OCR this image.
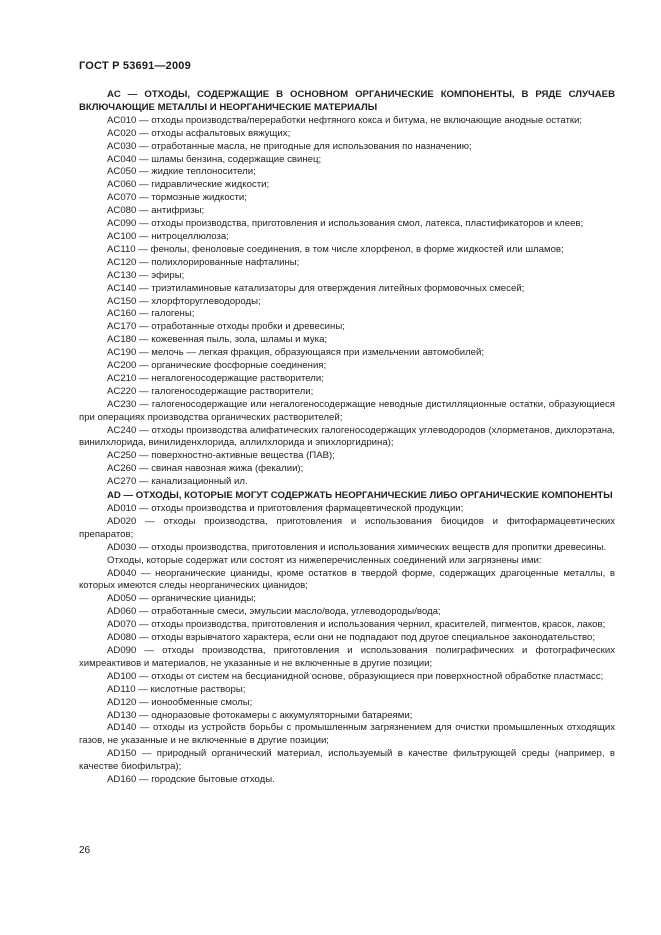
ГОСТ Р 53691—2009

AC — ОТХОДЫ, СОДЕРЖАЩИЕ В ОСНОВНОМ ОРГАНИЧЕСКИЕ КОМПОНЕНТЫ, В РЯДЕ СЛУЧАЕВ ВКЛЮЧАЮЩИЕ МЕТАЛЛЫ И НЕОРГАНИЧЕСКИЕ МАТЕРИАЛЫ

AC010 — отходы производства/переработки нефтяного кокса и битума, не включающие анодные остатки;

AC020 — отходы асфальтовых вяжущих;

AC030 — отработанные масла, не пригодные для использования по назначению;

AC040 — шламы бензина, содержащие свинец;

AC050 — жидкие теплоносители;

AC060 — гидравлические жидкости;

AC070 — тормозные жидкости;

AC080 — антифризы;

AC090 — отходы производства, приготовления и использования смол, латекса, пластификаторов и клеев;

AC100 — нитроцеллюлоза;

AC110 — фенолы, феноловые соединения, в том числе хлорфенол, в форме жидкостей или шламов;

AC120 — полихлорированные нафталины;

AC130 — эфиры;

AC140 — триэтиламиновые катализаторы для отверждения литейных формовочных смесей;

AC150 — хлорфторуглеводороды;

AC160 — галогены;

AC170 — отработанные отходы пробки и древесины;

AC180 — кожевенная пыль, зола, шламы и мука;

AC190 — мелочь — легкая фракция, образующаяся при измельчении автомобилей;

AC200 — органические фосфорные соединения;

AC210 — негалогеносодержащие растворители;

AC220 — галогеносодержащие растворители;

AC230 — галогеносодержащие или негалогеносодержащие неводные дистилляционные остатки, образующиеся при операциях производства органических растворителей;

AC240 — отходы производства алифатических галогеносодержащих углеводородов (хлорметанов, дихлорэтана, винилхлорида, винилиденхлорида, аллилхлорида и эпихлоргидрина);

AC250 — поверхностно-активные вещества (ПАВ);

AC260 — свиная навозная жижа (фекалии);

AC270 — канализационный ил.

AD — ОТХОДЫ, КОТОРЫЕ МОГУТ СОДЕРЖАТЬ НЕОРГАНИЧЕСКИЕ ЛИБО ОРГАНИЧЕСКИЕ КОМПОНЕНТЫ

AD010 — отходы производства и приготовления фармацевтической продукции;

AD020 — отходы производства, приготовления и использования биоцидов и фитофармацевтических препаратов;

AD030 — отходы производства, приготовления и использования химических веществ для пропитки древесины.

Отходы, которые содержат или состоят из нижеперечисленных соединений или загрязнены ими:

AD040 — неорганические цианиды, кроме остатков в твердой форме, содержащих драгоценные металлы, в которых имеются следы неорганических цианидов;

AD050 — органические цианиды;

AD060 — отработанные смеси, эмульсии масло/вода, углеводороды/вода;

AD070 — отходы производства, приготовления и использования чернил, красителей, пигментов, красок, лаков;

AD080 — отходы взрывчатого характера, если они не подпадают под другое специальное законодательство;

AD090 — отходы производства, приготовления и использования полиграфических и фотографических химреактивов и материалов, не указанные и не включенные в другие позиции;

AD100 — отходы от систем на бесцианидной основе, образующиеся при поверхностной обработке пластмасс;

AD110 — кислотные растворы;

AD120 — ионообменные смолы;

AD130 — одноразовые фотокамеры с аккумуляторными батареями;

AD140 — отходы из устройств борьбы с промышленным загрязнением для очистки промышленных отходящих газов, не указанные и не включенные в другие позиции;

AD150 — природный органический материал, используемый в качестве фильтрующей среды (например, в качестве биофильтра);

AD160 — городские бытовые отходы.

26
